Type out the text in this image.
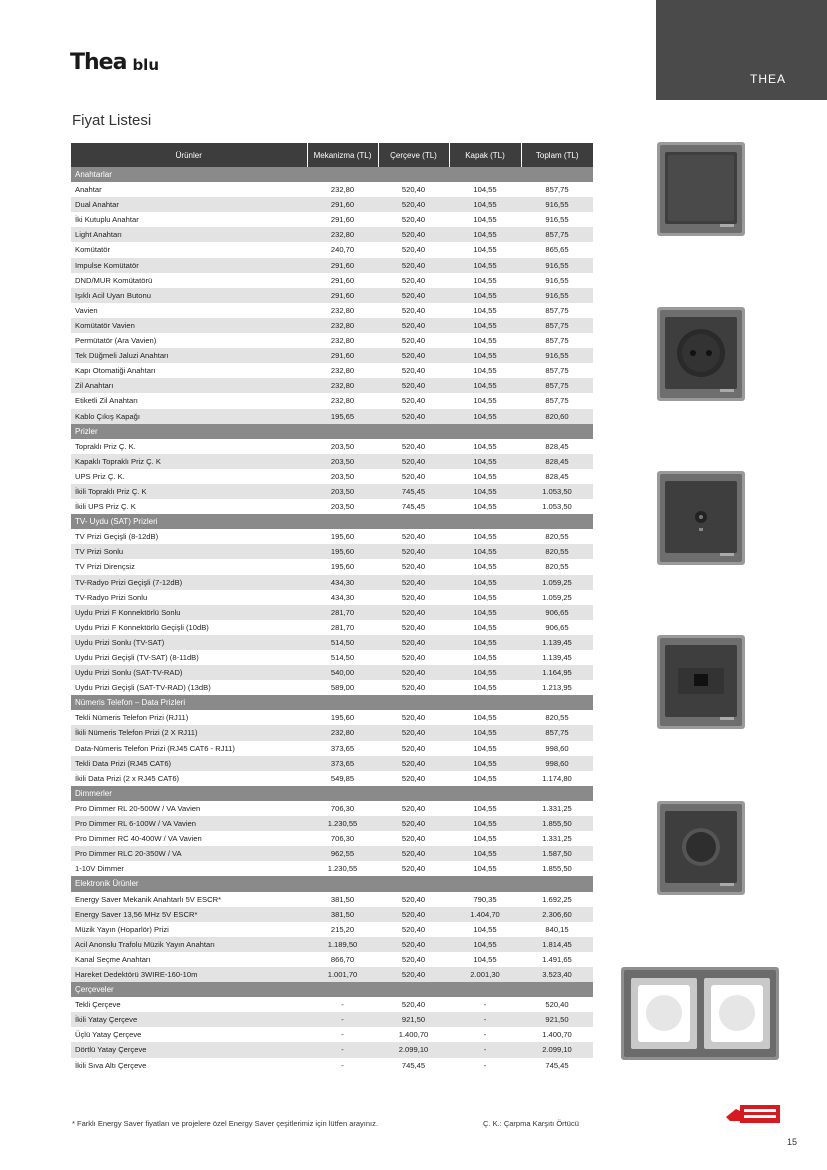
Thea blu
THEA
Fiyat Listesi
Ürünler	Mekanizma (TL)	Çerçeve (TL)	Kapak (TL)	Toplam (TL)
Anahtarlar				
Anahtar	232,80	520,40	104,55	857,75
Dual Anahtar	291,60	520,40	104,55	916,55
İki Kutuplu Anahtar	291,60	520,40	104,55	916,55
Light Anahtarı	232,80	520,40	104,55	857,75
Komütatör	240,70	520,40	104,55	865,65
Impulse Komütatör	291,60	520,40	104,55	916,55
DND/MUR Komütatörü	291,60	520,40	104,55	916,55
Işıklı Acil Uyarı Butonu	291,60	520,40	104,55	916,55
Vavien	232,80	520,40	104,55	857,75
Komütatör Vavien	232,80	520,40	104,55	857,75
Permütatör (Ara Vavien)	232,80	520,40	104,55	857,75
Tek Düğmeli Jaluzi Anahtarı	291,60	520,40	104,55	916,55
Kapı Otomatiği Anahtarı	232,80	520,40	104,55	857,75
Zil Anahtarı	232,80	520,40	104,55	857,75
Etiketli Zil Anahtarı	232,80	520,40	104,55	857,75
Kablo Çıkış Kapağı	195,65	520,40	104,55	820,60
Prizler				
Topraklı Priz Ç. K.	203,50	520,40	104,55	828,45
Kapaklı Topraklı Priz Ç. K	203,50	520,40	104,55	828,45
UPS Priz Ç. K.	203,50	520,40	104,55	828,45
İkili Topraklı Priz Ç. K	203,50	745,45	104,55	1.053,50
İkili UPS Priz Ç. K	203,50	745,45	104,55	1.053,50
TV- Uydu (SAT) Prizleri				
TV Prizi Geçişli (8-12dB)	195,60	520,40	104,55	820,55
TV Prizi Sonlu	195,60	520,40	104,55	820,55
TV Prizi Dirençsiz	195,60	520,40	104,55	820,55
TV-Radyo Prizi Geçişli (7-12dB)	434,30	520,40	104,55	1.059,25
TV-Radyo Prizi Sonlu	434,30	520,40	104,55	1.059,25
Uydu Prizi F Konnektörlü Sonlu	281,70	520,40	104,55	906,65
Uydu Prizi F Konnektörlü Geçişli (10dB)	281,70	520,40	104,55	906,65
Uydu Prizi Sonlu (TV-SAT)	514,50	520,40	104,55	1.139,45
Uydu Prizi Geçişli (TV-SAT) (8-11dB)	514,50	520,40	104,55	1.139,45
Uydu Prizi Sonlu (SAT-TV-RAD)	540,00	520,40	104,55	1.164,95
Uydu Prizi Geçişli (SAT-TV-RAD) (13dB)	589,00	520,40	104,55	1.213,95
Nümeris Telefon – Data Prizleri				
Tekli Nümeris Telefon Prizi (RJ11)	195,60	520,40	104,55	820,55
İkili Nümeris Telefon Prizi (2 X RJ11)	232,80	520,40	104,55	857,75
Data-Nümeris Telefon Prizi (RJ45 CAT6 - RJ11)	373,65	520,40	104,55	998,60
Tekli Data Prizi (RJ45 CAT6)	373,65	520,40	104,55	998,60
İkili Data Prizi (2 x RJ45 CAT6)	549,85	520,40	104,55	1.174,80
Dimmerler				
Pro Dimmer RL 20-500W / VA Vavien	706,30	520,40	104,55	1.331,25
Pro Dimmer RL 6-100W / VA Vavien	1.230,55	520,40	104,55	1.855,50
Pro Dimmer RC 40-400W / VA Vavien	706,30	520,40	104,55	1.331,25
Pro Dimmer RLC 20-350W / VA	962,55	520,40	104,55	1.587,50
1-10V Dimmer	1.230,55	520,40	104,55	1.855,50
Elektronik Ürünler				
Energy Saver Mekanik Anahtarlı 5V ESCR*	381,50	520,40	790,35	1.692,25
Energy Saver 13,56 MHz 5V ESCR*	381,50	520,40	1.404,70	2.306,60
Müzik Yayın (Hoparlör) Prizi	215,20	520,40	104,55	840,15
Acil Anonslu Trafolu Müzik Yayın Anahtarı	1.189,50	520,40	104,55	1.814,45
Kanal Seçme Anahtarı	866,70	520,40	104,55	1.491,65
Hareket Dedektörü 3WIRE-160-10m	1.001,70	520,40	2.001,30	3.523,40
Çerçeveler				
Tekli Çerçeve	-	520,40	-	520,40
İkili Yatay Çerçeve	-	921,50	-	921,50
Üçlü Yatay Çerçeve	-	1.400,70	-	1.400,70
Dörtlü Yatay Çerçeve	-	2.099,10	-	2.099,10
İkili Sıva Altı Çerçeve	-	745,45	-	745,45
* Farklı Energy Saver fiyatları ve projelere özel Energy Saver çeşitlerimiz için lütfen arayınız.	Ç. K.: Çarpma Karşıtı Örtücü
15
